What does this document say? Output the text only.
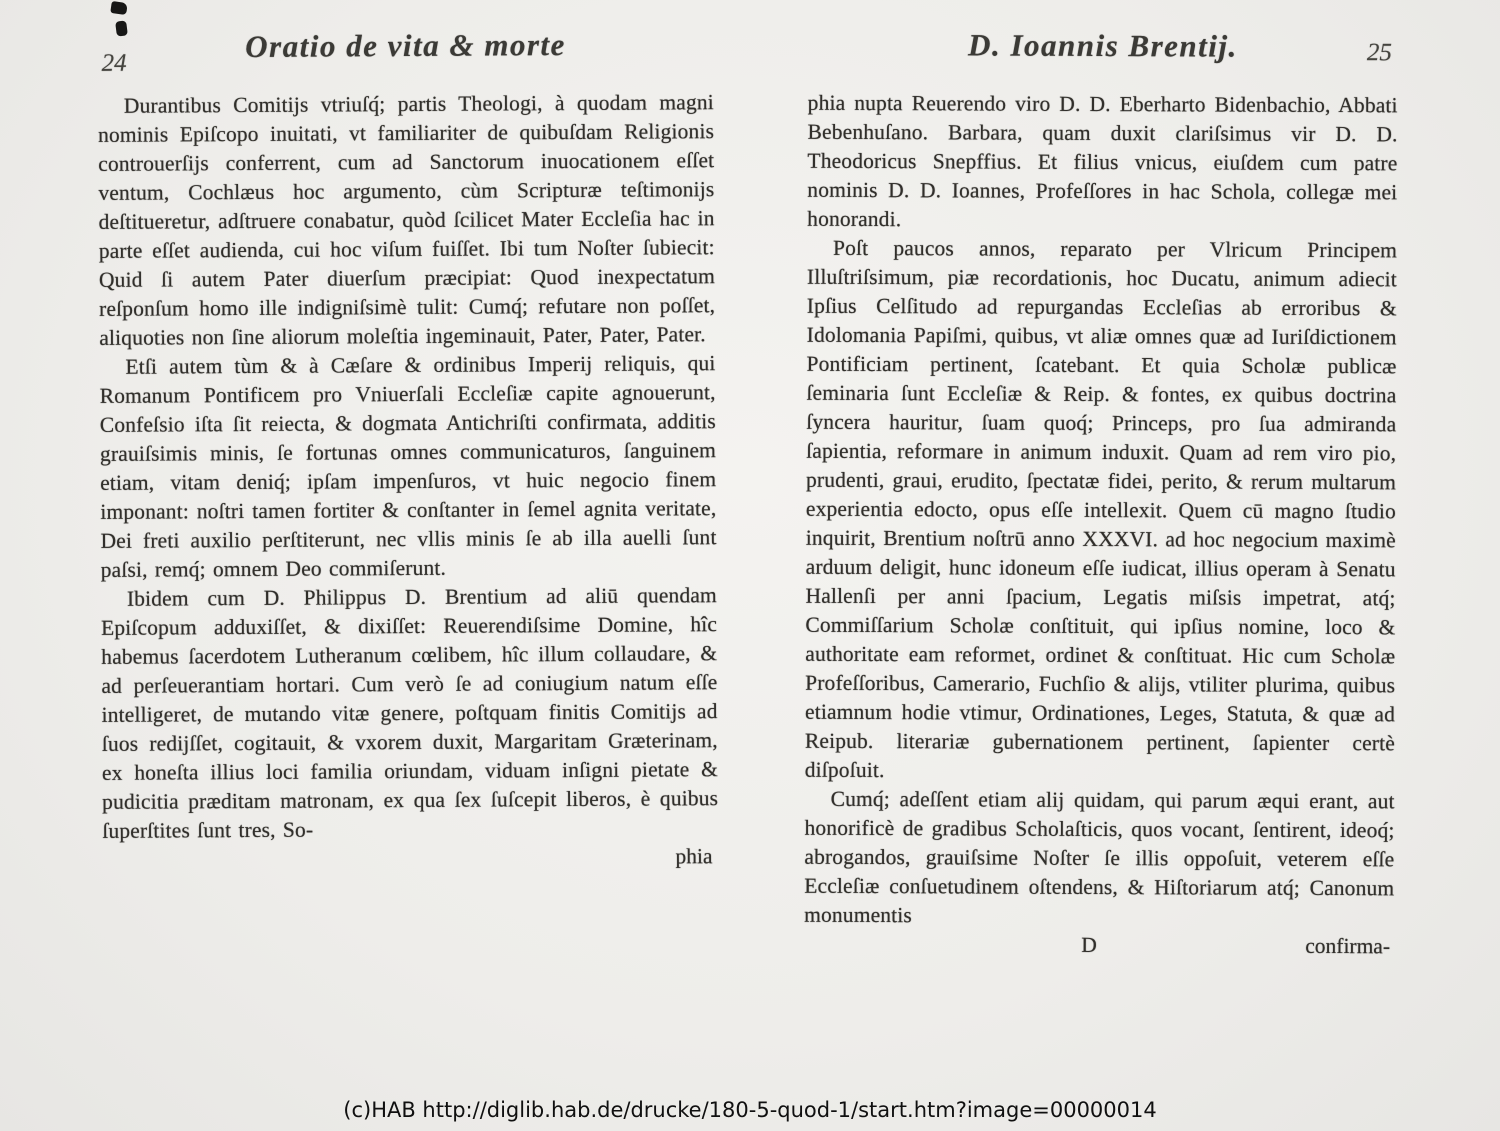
24	Oratio de vita & morte

Durantibus Comitijs vtriuſq́; partis Theologi, à quodam magni nominis Epiſcopo inuitati, vt familiariter de quibuſdam Religionis controuerſijs conferrent, cum ad Sanctorum inuocationem eſſet ventum, Cochlæus hoc argumento, cùm Scripturæ teſtimonijs deſtitueretur, adſtruere conabatur, quòd ſcilicet Mater Eccleſia hac in parte eſſet audienda, cui hoc viſum fuiſſet. Ibi tum Noſter ſubiecit: Quid ſi autem Pater diuerſum præcipiat: Quod inexpectatum reſponſum homo ille indigniſsimè tulit: Cumq́; refutare non poſſet, aliquoties non ſine aliorum moleſtia ingeminauit, Pater, Pater, Pater.

Etſi autem tùm & à Cæſare & ordinibus Imperij reliquis, qui Romanum Pontificem pro Vniuerſali Eccleſiæ capite agnouerunt, Confeſsio iſta ſit reiecta, & dogmata Antichriſti confirmata, additis grauiſsimis minis, ſe fortunas omnes communicaturos, ſanguinem etiam, vitam deniq́; ipſam impenſuros, vt huic negocio finem imponant: noſtri tamen fortiter & conſtanter in ſemel agnita veritate, Dei freti auxilio perſtiterunt, nec vllis minis ſe ab illa auelli ſunt paſsi, remq́; omnem Deo commiſerunt.

Ibidem cum D. Philippus D. Brentium ad aliū quendam Epiſcopum adduxiſſet, & dixiſſet: Reuerendiſsime Domine, hîc habemus ſacerdotem Lutheranum cœlibem, hîc illum collaudare, & ad perſeuerantiam hortari. Cum verò ſe ad coniugium natum eſſe intelligeret, de mutando vitæ genere, poſtquam finitis Comitijs ad ſuos redijſſet, cogitauit, & vxorem duxit, Margaritam Græterinam, ex honeſta illius loci familia oriundam, viduam inſigni pietate & pudicitia præditam matronam, ex qua ſex ſuſcepit liberos, è quibus ſuperſtites ſunt tres, So-

phia
D. Ioannis Brentij.	25

phia nupta Reuerendo viro D. D. Eberharto Bidenbachio, Abbati Bebenhuſano. Barbara, quam duxit clariſsimus vir D. D. Theodoricus Snepffius. Et filius vnicus, eiuſdem cum patre nominis D. D. Ioannes, Profeſſores in hac Schola, collegæ mei honorandi.

Poſt paucos annos, reparato per Vlricum Principem Illuſtriſsimum, piæ recordationis, hoc Ducatu, animum adiecit Ipſius Celſitudo ad repurgandas Eccleſias ab erroribus & Idolomania Papiſmi, quibus, vt aliæ omnes quæ ad Iuriſdictionem Pontificiam pertinent, ſcatebant. Et quia Scholæ publicæ ſeminaria ſunt Eccleſiæ & Reip. & fontes, ex quibus doctrina ſyncera hauritur, ſuam quoq́; Princeps, pro ſua admiranda ſapientia, reformare in animum induxit. Quam ad rem viro pio, prudenti, graui, erudito, ſpectatæ fidei, perito, & rerum multarum experientia edocto, opus eſſe intellexit. Quem cū magno ſtudio inquirit, Brentium noſtrū anno XXXVI. ad hoc negocium maximè arduum deligit, hunc idoneum eſſe iudicat, illius operam à Senatu Hallenſi per anni ſpacium, Legatis miſsis impetrat, atq́; Commiſſarium Scholæ conſtituit, qui ipſius nomine, loco & authoritate eam reformet, ordinet & conſtituat. Hic cum Scholæ Profeſſoribus, Camerario, Fuchſio & alijs, vtiliter plurima, quibus etiamnum hodie vtimur, Ordinationes, Leges, Statuta, & quæ ad Reipub. literariæ gubernationem pertinent, ſapienter certè diſpoſuit.

Cumq́; adeſſent etiam alij quidam, qui parum æqui erant, aut honorificè de gradibus Scholaſticis, quos vocant, ſentirent, ideoq́; abrogandos, grauiſsime Noſter ſe illis oppoſuit, veterem eſſe Eccleſiæ conſuetudinem oſtendens, & Hiſtoriarum atq́; Canonum monumentis

D	confirma-
(c)HAB http://diglib.hab.de/drucke/180-5-quod-1/start.htm?image=00000014
